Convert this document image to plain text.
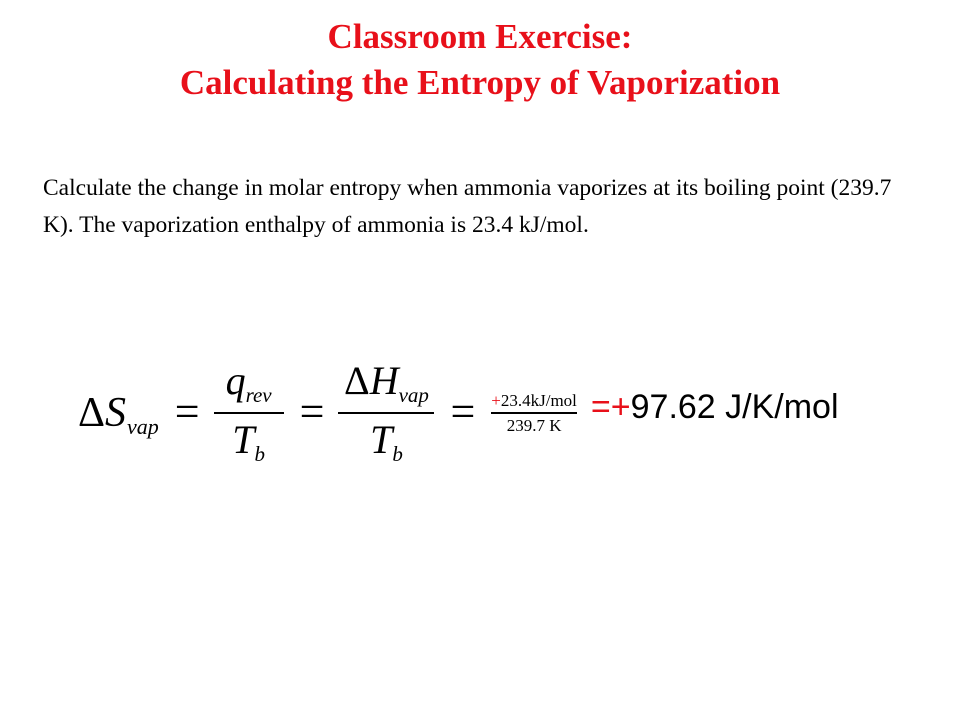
Classroom Exercise:
Calculating the Entropy of Vaporization
Calculate the change in molar entropy when ammonia vaporizes at its boiling point (239.7 K). The vaporization enthalpy of ammonia is 23.4 kJ/mol.
Δ S vap = $\frac{\text{q rev}}{\text{T b}} = \frac{\text{Δ H vap}}{\text{T b}} = \frac{\text{+ 23.4kJ/mol}}{239.7 K} =+97.62$ J/K/mol
